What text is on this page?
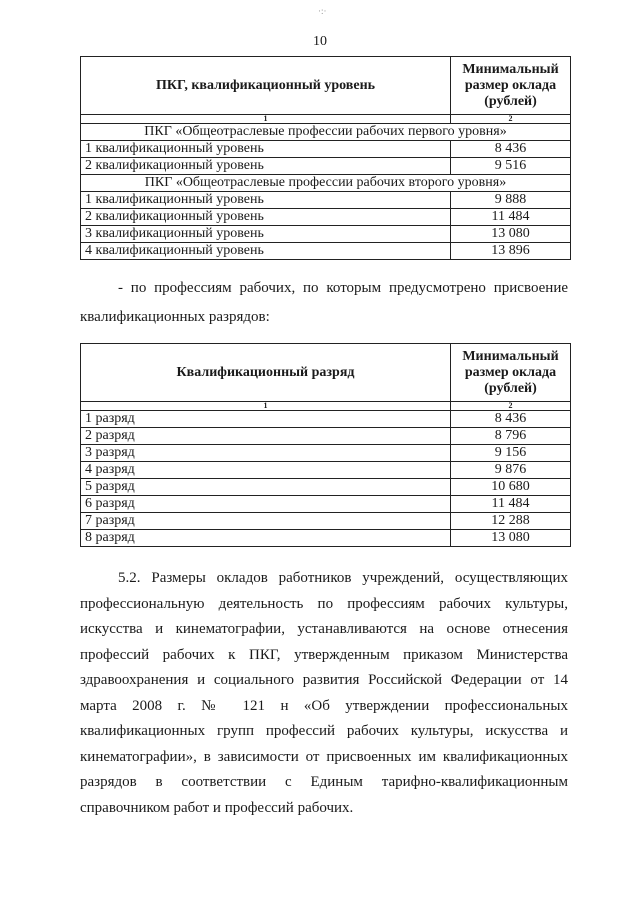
·:·
10
ПКГ, квалификационный уровень	Минимальный размер оклада (рублей)
1	2
ПКГ «Общеотраслевые профессии рабочих первого уровня»	
1 квалификационный уровень	8 436
2 квалификационный уровень	9 516
ПКГ «Общеотраслевые профессии рабочих второго уровня»	
1 квалификационный уровень	9 888
2 квалификационный уровень	11 484
3 квалификационный уровень	13 080
4 квалификационный уровень	13 896

- по профессиям рабочих, по которым предусмотрено присвоение квалификационных разрядов:

Квалификационный разряд	Минимальный размер оклада (рублей)
1	2
1 разряд	8 436
2 разряд	8 796
3 разряд	9 156
4 разряд	9 876
5 разряд	10 680
6 разряд	11 484
7 разряд	12 288
8 разряд	13 080

5.2. Размеры окладов работников учреждений, осуществляющих профессиональную деятельность по профессиям рабочих культуры, искусства и кинематографии, устанавливаются на основе отнесения профессий рабочих к ПКГ, утвержденным приказом Министерства здравоохранения и социального развития Российской Федерации от 14 марта 2008 г. № 121 н «Об утверждении профессиональных квалификационных групп профессий рабочих культуры, искусства и кинематографии», в зависимости от присвоенных им квалификационных разрядов в соответствии с Единым тарифно-квалификационным справочником работ и профессий рабочих.
